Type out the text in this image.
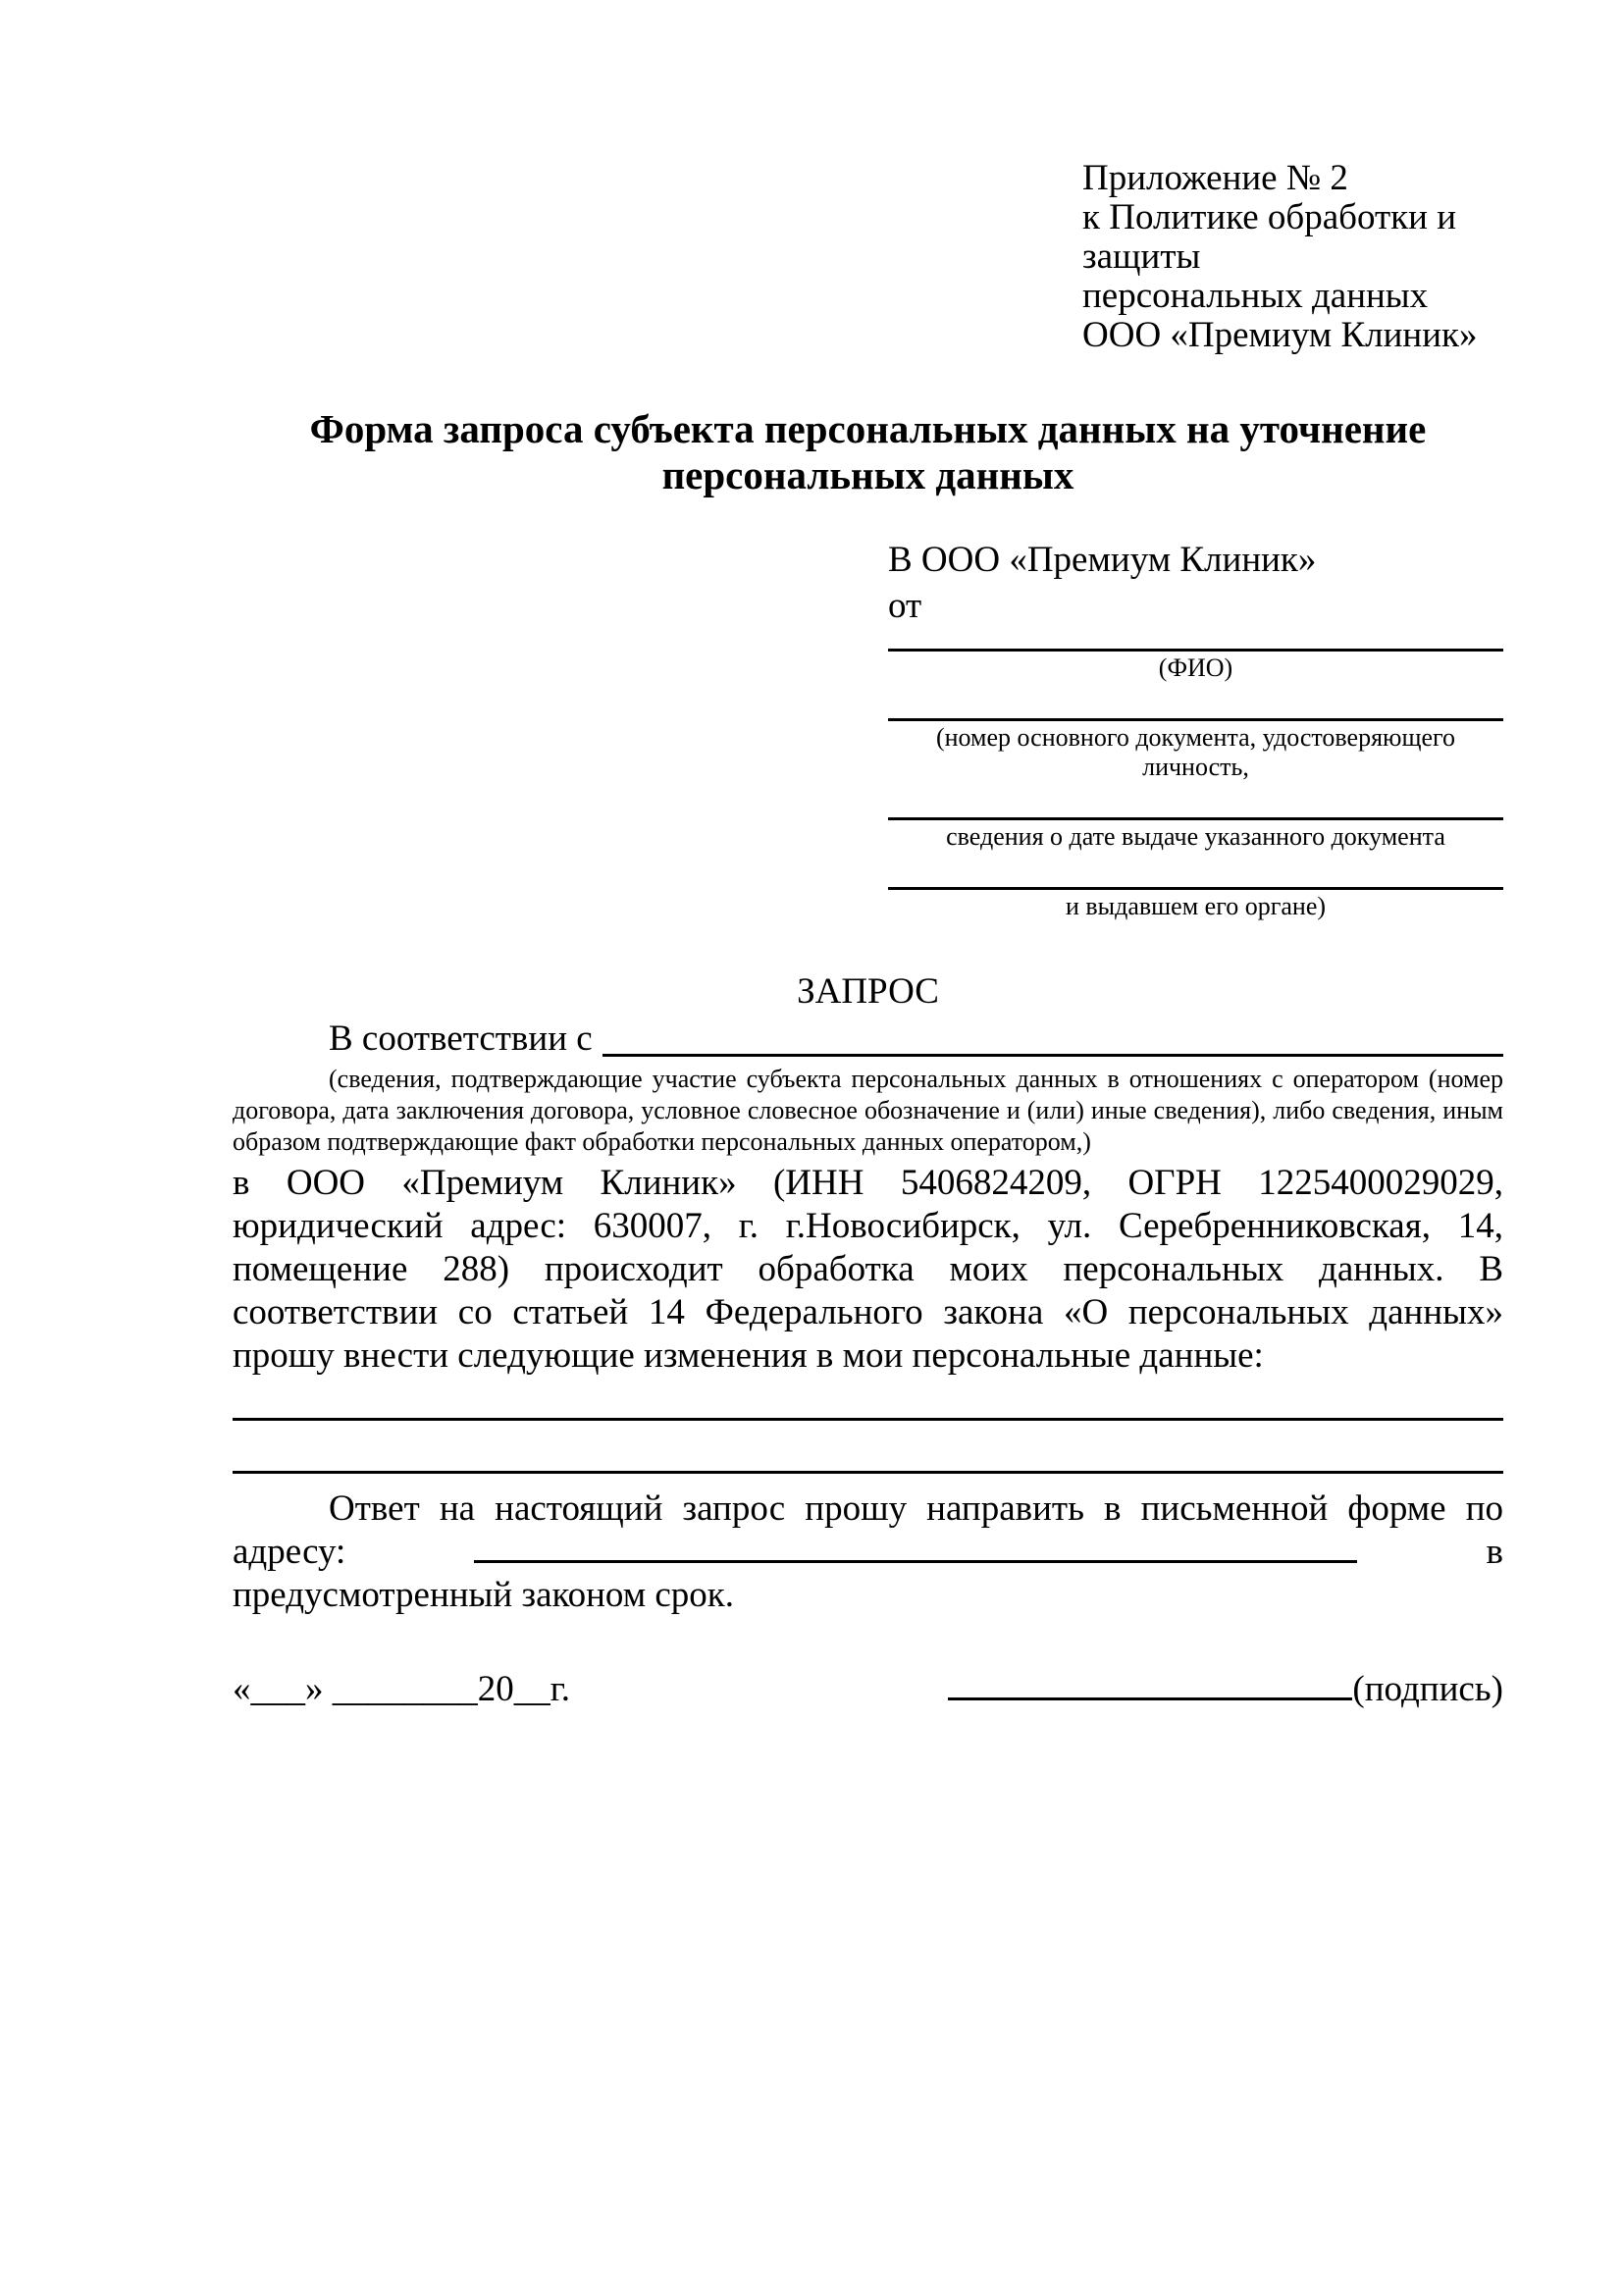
Приложение № 2
к Политике обработки и защиты
персональных данных
ООО «Премиум Клиник»
Форма запроса субъекта персональных данных на уточнение персональных данных
В ООО «Премиум Клиник»
от
(ФИО)
(номер основного документа, удостоверяющего личность,
сведения о дате выдаче указанного документа
и выдавшем его органе)
ЗАПРОС
В соответствии с
(сведения, подтверждающие участие субъекта персональных данных в отношениях с оператором (номер договора, дата заключения договора, условное словесное обозначение и (или) иные сведения), либо сведения, иным образом подтверждающие факт обработки персональных данных оператором,)
в ООО «Премиум Клиник» (ИНН 5406824209, ОГРН 1225400029029, юридический адрес: 630007, г. г.Новосибирск, ул. Серебренниковская, 14, помещение 288) происходит обработка моих персональных данных. В соответствии со статьей 14 Федерального закона «О персональных данных» прошу внести следующие изменения в мои персональные данные:
Ответ на настоящий запрос прошу направить в письменной форме по адресу:	в предусмотренный законом срок.
«___» ________20__г.	(подпись)
